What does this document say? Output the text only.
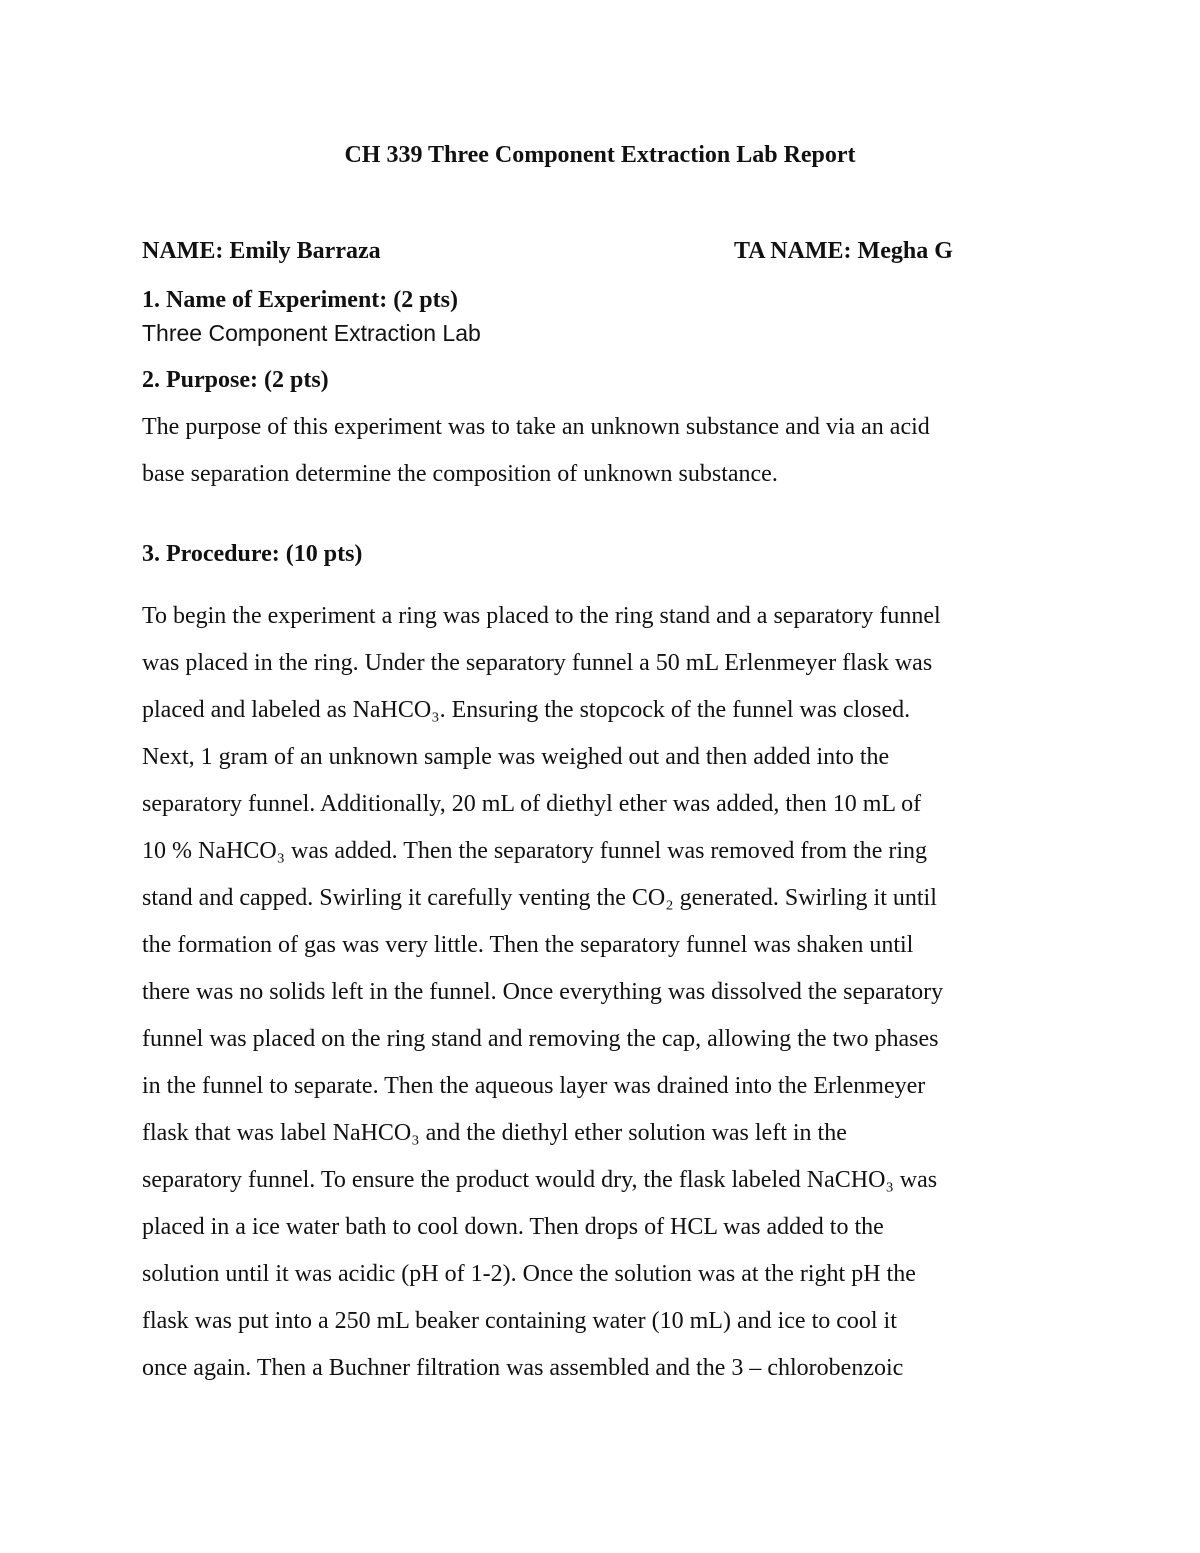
CH 339 Three Component Extraction Lab Report
NAME: Emily Barraza	TA NAME: Megha G
1. Name of Experiment: (2 pts)
Three Component Extraction Lab
2. Purpose: (2 pts)
The purpose of this experiment was to take an unknown substance and via an acid
base separation determine the composition of unknown substance.
3. Procedure: (10 pts)
To begin the experiment a ring was placed to the ring stand and a separatory funnel
was placed in the ring. Under the separatory funnel a 50 mL Erlenmeyer flask was
placed and labeled as NaHCO₃. Ensuring the stopcock of the funnel was closed.
Next, 1 gram of an unknown sample was weighed out and then added into the
separatory funnel. Additionally, 20 mL of diethyl ether was added, then 10 mL of
10 % NaHCO₃ was added. Then the separatory funnel was removed from the ring
stand and capped. Swirling it carefully venting the CO₂ generated. Swirling it until
the formation of gas was very little. Then the separatory funnel was shaken until
there was no solids left in the funnel. Once everything was dissolved the separatory
funnel was placed on the ring stand and removing the cap, allowing the two phases
in the funnel to separate. Then the aqueous layer was drained into the Erlenmeyer
flask that was label NaHCO₃ and the diethyl ether solution was left in the
separatory funnel. To ensure the product would dry, the flask labeled NaCHO₃ was
placed in a ice water bath to cool down. Then drops of HCL was added to the
solution until it was acidic (pH of 1-2). Once the solution was at the right pH the
flask was put into a 250 mL beaker containing water (10 mL) and ice to cool it
once again. Then a Buchner filtration was assembled and the 3 – chlorobenzoic
